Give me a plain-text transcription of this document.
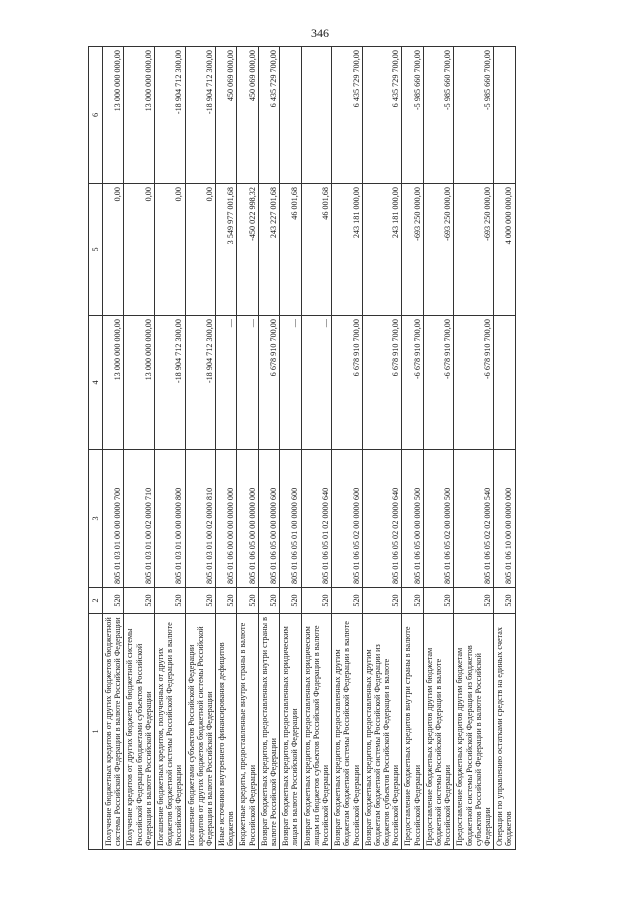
346
1	2	3	4	5	6
Получение бюджетных кредитов от других бюджетов бюджетной системы Российской Федерации в валюте Российской Федерации	520	805 01 03 01 00 00 0000 700	13 000 000 000,00	0,00	13 000 000 000,00
Получение кредитов от других бюджетов бюджетной системы Российской Федерации бюджетами субъектов Российской Федерации в валюте Российской Федерации	520	805 01 03 01 00 02 0000 710	13 000 000 000,00	0,00	13 000 000 000,00
Погашение бюджетных кредитов, полученных от других бюджетов бюджетной системы Российской Федерации в валюте Российской Федерации	520	805 01 03 01 00 00 0000 800	-18 904 712 300,00	0,00	-18 904 712 300,00
Погашение бюджетами субъектов Российской Федерации кредитов от других бюджетов бюджетной системы Российской Федерации в валюте Российской Федерации	520	805 01 03 01 00 02 0000 810	-18 904 712 300,00	0,00	-18 904 712 300,00
Иные источники внутреннего финансирования дефицитов бюджетов	520	805 01 06 00 00 00 0000 000	—	3 549 977 001,68	450 069 000,00
Бюджетные кредиты, предоставленные внутри страны в валюте Российской Федерации	520	805 01 06 05 00 00 0000 000	—	-450 022 998,32	450 069 000,00
Возврат бюджетных кредитов, предоставленных внутри страны в валюте Российской Федерации	520	805 01 06 05 00 00 0000 600	6 678 910 700,00	243 227 001,68	6 435 729 700,00
Возврат бюджетных кредитов, предоставленных юридическим лицам в валюте Российской Федерации	520	805 01 06 05 01 00 0000 600	—	46 001,68	
Возврат бюджетных кредитов, предоставленных юридическим лицам из бюджетов субъектов Российской Федерации в валюте Российской Федерации	520	805 01 06 05 01 02 0000 640	—	46 001,68	
Возврат бюджетных кредитов, предоставленных другим бюджетам бюджетной системы Российской Федерации в валюте Российской Федерации	520	805 01 06 05 02 00 0000 600	6 678 910 700,00	243 181 000,00	6 435 729 700,00
Возврат бюджетных кредитов, предоставленных другим бюджетам бюджетной системы Российской Федерации из бюджетов субъектов Российской Федерации в валюте Российской Федерации	520	805 01 06 05 02 02 0000 640	6 678 910 700,00	243 181 000,00	6 435 729 700,00
Предоставление бюджетных кредитов внутри страны в валюте Российской Федерации	520	805 01 06 05 00 00 0000 500	-6 678 910 700,00	-693 250 000,00	-5 985 660 700,00
Предоставление бюджетных кредитов другим бюджетам бюджетной системы Российской Федерации в валюте Российской Федерации	520	805 01 06 05 02 00 0000 500	-6 678 910 700,00	-693 250 000,00	-5 985 660 700,00
Предоставление бюджетных кредитов другим бюджетам бюджетной системы Российской Федерации из бюджетов субъектов Российской Федерации в валюте Российской Федерации	520	805 01 06 05 02 02 0000 540	-6 678 910 700,00	-693 250 000,00	-5 985 660 700,00
Операции по управлению остатками средств на единых счетах бюджетов	520	805 01 06 10 00 00 0000 000		4 000 000 000,00	
